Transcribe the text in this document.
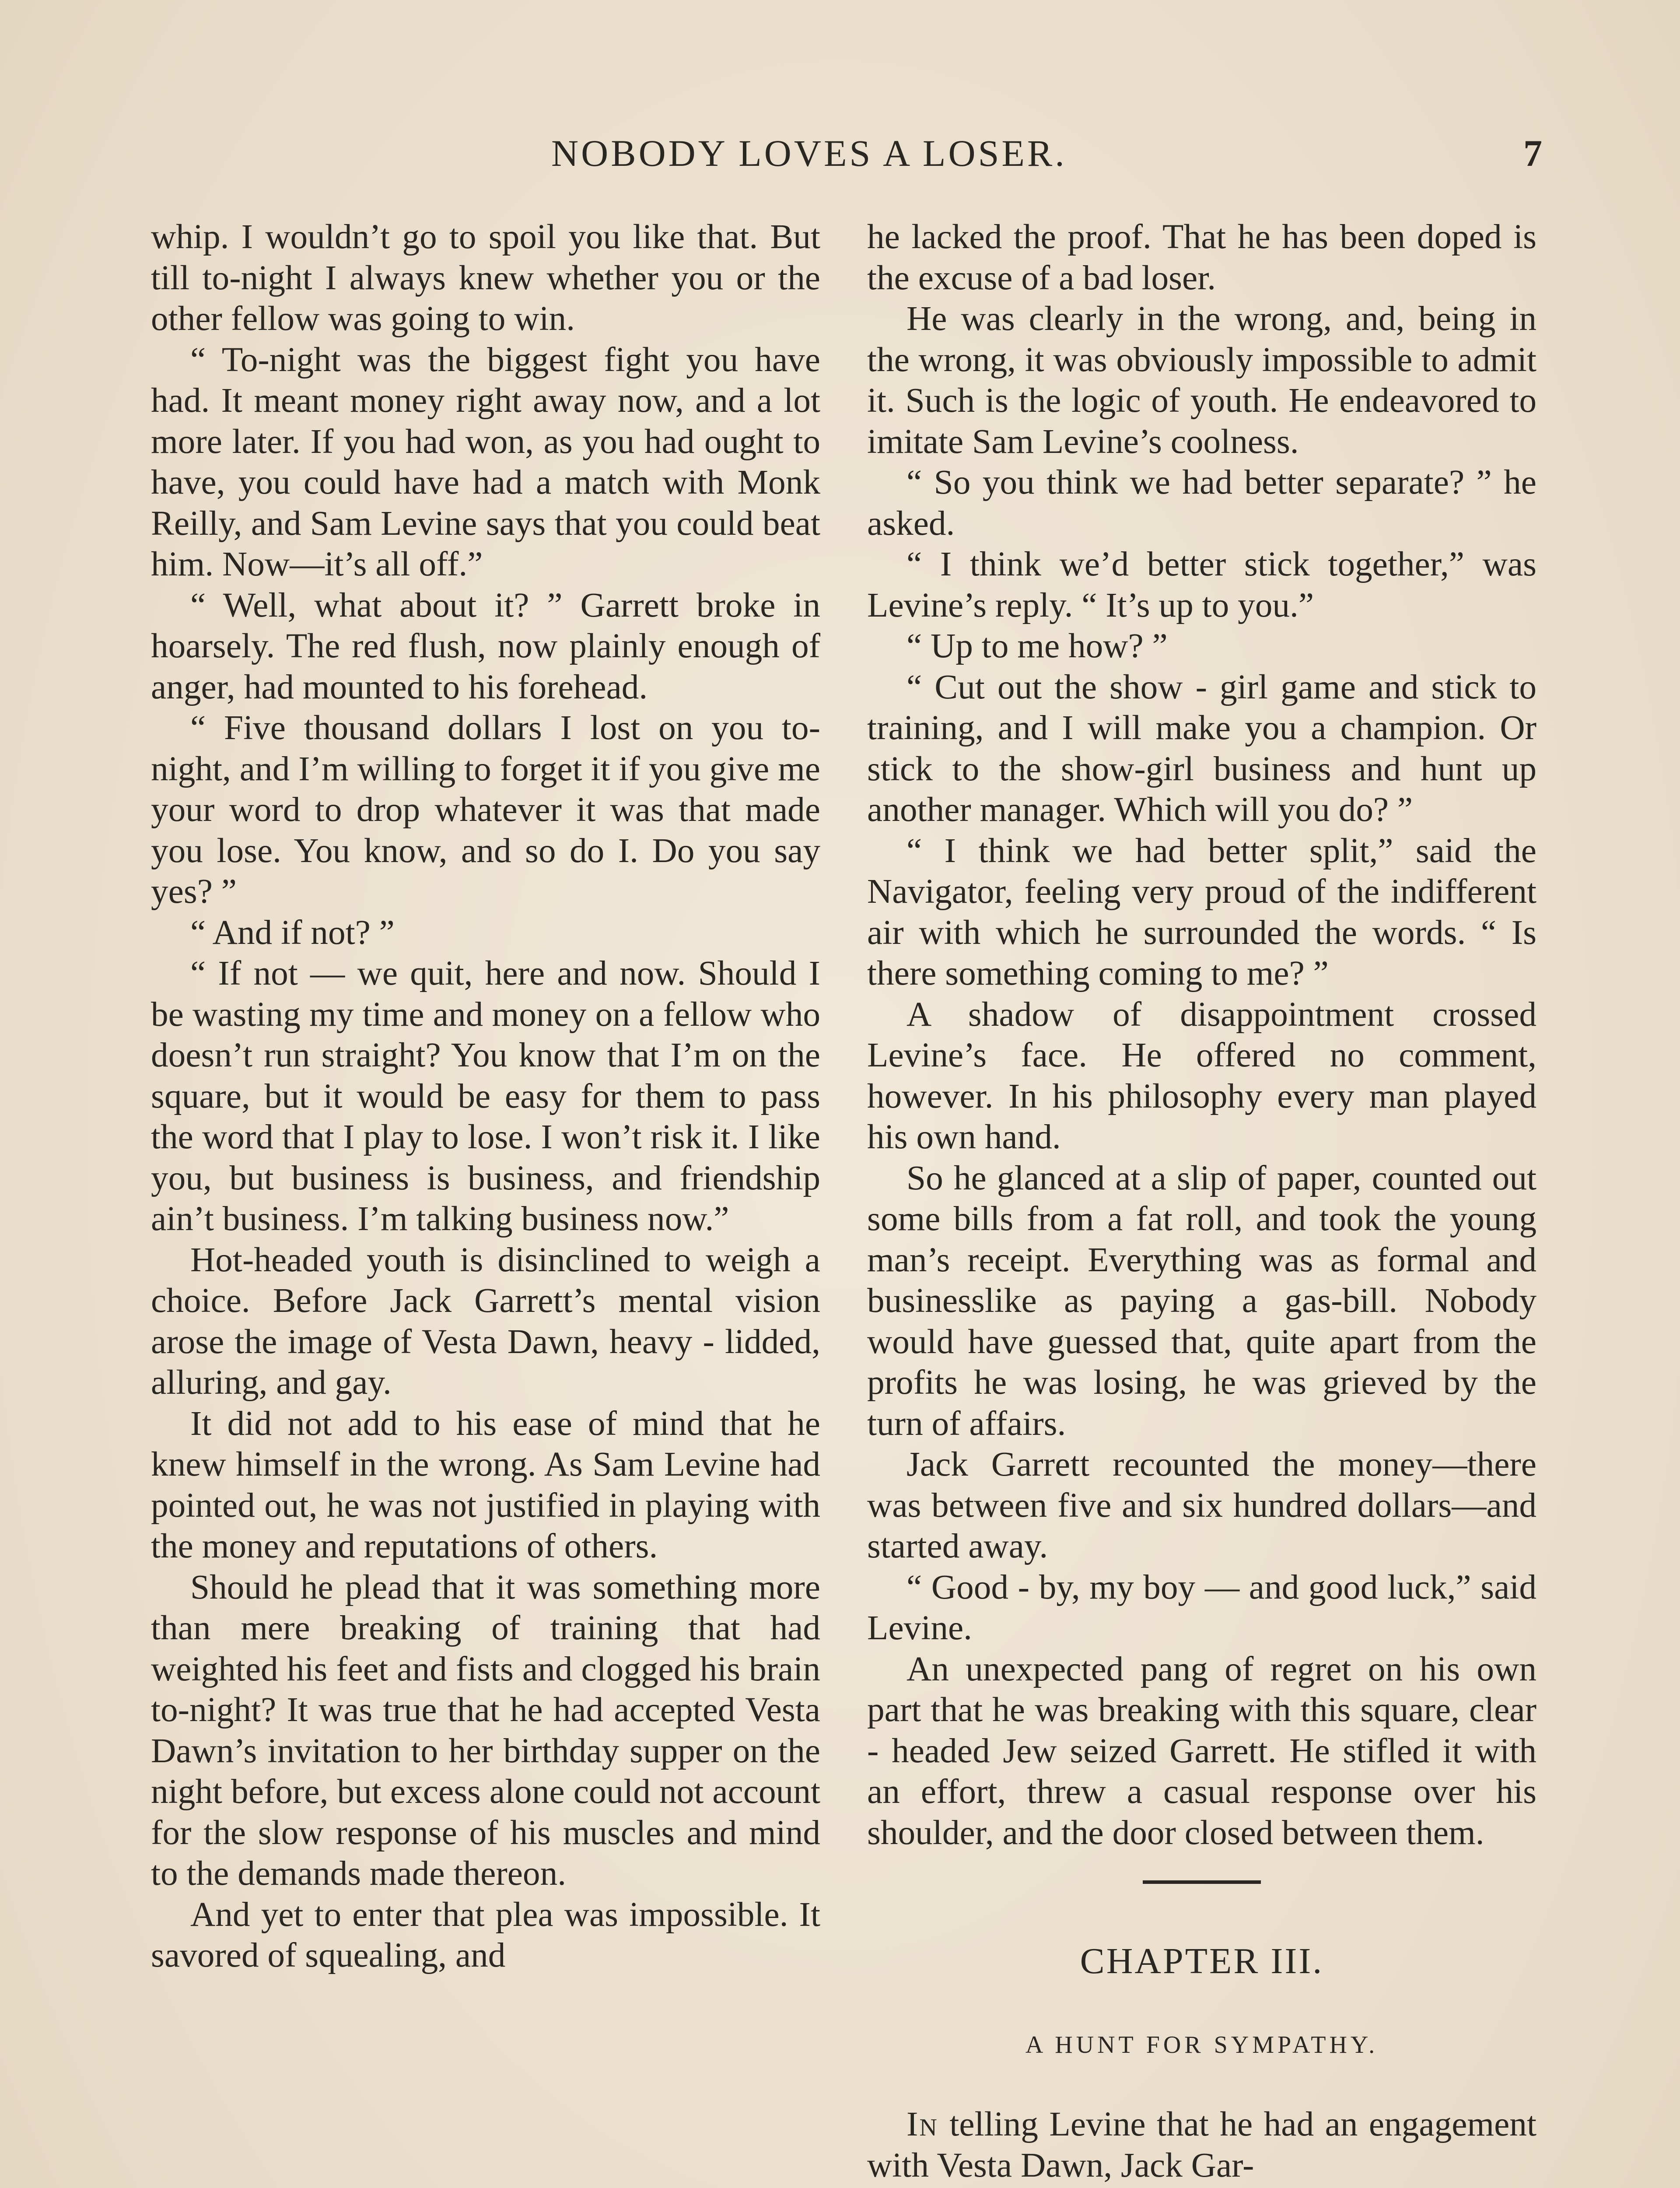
NOBODY LOVES A LOSER.	7

whip. I wouldn’t go to spoil you like that. But till to-night I always knew whether you or the other fellow was going to win.

“ To-night was the biggest fight you have had. It meant money right away now, and a lot more later. If you had won, as you had ought to have, you could have had a match with Monk Reilly, and Sam Levine says that you could beat him. Now—it’s all off.”

“ Well, what about it? ” Garrett broke in hoarsely. The red flush, now plainly enough of anger, had mounted to his forehead.

“ Five thousand dollars I lost on you to-night, and I’m willing to forget it if you give me your word to drop whatever it was that made you lose. You know, and so do I. Do you say yes? ”

“ And if not? ”

“ If not — we quit, here and now. Should I be wasting my time and money on a fellow who doesn’t run straight? You know that I’m on the square, but it would be easy for them to pass the word that I play to lose. I won’t risk it. I like you, but business is business, and friendship ain’t business. I’m talking business now.”

Hot-headed youth is disinclined to weigh a choice. Before Jack Garrett’s mental vision arose the image of Vesta Dawn, heavy - lidded, alluring, and gay.

It did not add to his ease of mind that he knew himself in the wrong. As Sam Levine had pointed out, he was not justified in playing with the money and reputations of others.

Should he plead that it was something more than mere breaking of training that had weighted his feet and fists and clogged his brain to-night? It was true that he had accepted Vesta Dawn’s invitation to her birthday supper on the night before, but excess alone could not account for the slow response of his muscles and mind to the demands made thereon.

And yet to enter that plea was impossible. It savored of squealing, and

he lacked the proof. That he has been doped is the excuse of a bad loser.

He was clearly in the wrong, and, being in the wrong, it was obviously impossible to admit it. Such is the logic of youth. He endeavored to imitate Sam Levine’s coolness.

“ So you think we had better separate? ” he asked.

“ I think we’d better stick together,” was Levine’s reply. “ It’s up to you.”

“ Up to me how? ”

“ Cut out the show - girl game and stick to training, and I will make you a champion. Or stick to the show-girl business and hunt up another manager. Which will you do? ”

“ I think we had better split,” said the Navigator, feeling very proud of the indifferent air with which he surrounded the words. “ Is there something coming to me? ”

A shadow of disappointment crossed Levine’s face. He offered no comment, however. In his philosophy every man played his own hand.

So he glanced at a slip of paper, counted out some bills from a fat roll, and took the young man’s receipt. Everything was as formal and businesslike as paying a gas-bill. Nobody would have guessed that, quite apart from the profits he was losing, he was grieved by the turn of affairs.

Jack Garrett recounted the money—there was between five and six hundred dollars—and started away.

“ Good - by, my boy — and good luck,” said Levine.

An unexpected pang of regret on his own part that he was breaking with this square, clear - headed Jew seized Garrett. He stifled it with an effort, threw a casual response over his shoulder, and the door closed between them.

CHAPTER III.
A HUNT FOR SYMPATHY.

In telling Levine that he had an engagement with Vesta Dawn, Jack Gar-
